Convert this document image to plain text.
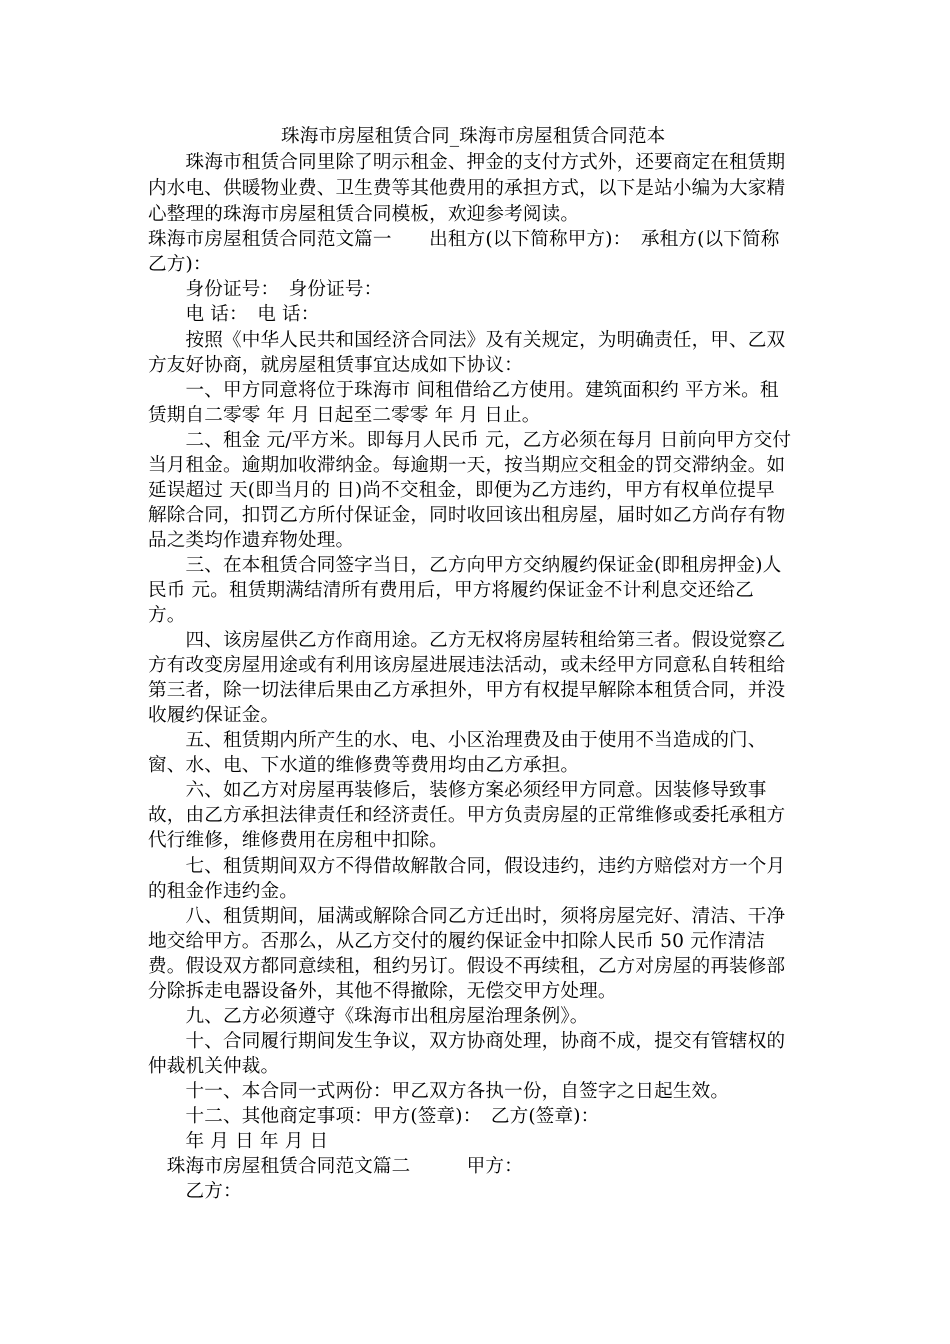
珠海市房屋租赁合同_珠海市房屋租赁合同范本
　　珠海市租赁合同里除了明示租金、押金的支付方式外，还要商定在租赁期
内水电、供暖物业费、卫生费等其他费用的承担方式，以下是站小编为大家精
心整理的珠海市房屋租赁合同模板，欢迎参考阅读。
珠海市房屋租赁合同范文篇一　　出租方(以下简称甲方)：　承租方(以下简称
乙方)：
　　身份证号：　身份证号：
　　电 话：　电 话：
　　按照《中华人民共和国经济合同法》及有关规定，为明确责任，甲、乙双
方友好协商，就房屋租赁事宜达成如下协议：
　　一、甲方同意将位于珠海市 间租借给乙方使用。建筑面积约 平方米。租
赁期自二零零 年 月 日起至二零零 年 月 日止。
　　二、租金 元/平方米。即每月人民币 元，乙方必须在每月 日前向甲方交付
当月租金。逾期加收滞纳金。每逾期一天，按当期应交租金的罚交滞纳金。如
延误超过 天(即当月的 日)尚不交租金，即便为乙方违约，甲方有权单位提早
解除合同，扣罚乙方所付保证金，同时收回该出租房屋，届时如乙方尚存有物
品之类均作遗弃物处理。
　　三、在本租赁合同签字当日，乙方向甲方交纳履约保证金(即租房押金)人
民币 元。租赁期满结清所有费用后，甲方将履约保证金不计利息交还给乙
方。
　　四、该房屋供乙方作商用途。乙方无权将房屋转租给第三者。假设觉察乙
方有改变房屋用途或有利用该房屋进展违法活动，或未经甲方同意私自转租给
第三者，除一切法律后果由乙方承担外，甲方有权提早解除本租赁合同，并没
收履约保证金。
　　五、租赁期内所产生的水、电、小区治理费及由于使用不当造成的门、
窗、水、电、下水道的维修费等费用均由乙方承担。
　　六、如乙方对房屋再装修后，装修方案必须经甲方同意。因装修导致事
故，由乙方承担法律责任和经济责任。甲方负责房屋的正常维修或委托承租方
代行维修，维修费用在房租中扣除。
　　七、租赁期间双方不得借故解散合同，假设违约，违约方赔偿对方一个月
的租金作违约金。
　　八、租赁期间，届满或解除合同乙方迁出时，须将房屋完好、清洁、干净
地交给甲方。否那么，从乙方交付的履约保证金中扣除人民币 50 元作清洁
费。假设双方都同意续租，租约另订。假设不再续租，乙方对房屋的再装修部
分除拆走电器设备外，其他不得撤除，无偿交甲方处理。
　　九、乙方必须遵守《珠海市出租房屋治理条例》。
　　十、合同履行期间发生争议，双方协商处理，协商不成，提交有管辖权的
仲裁机关仲裁。
　　十一、本合同一式两份：甲乙双方各执一份，自签字之日起生效。
　　十二、其他商定事项：甲方(签章)：　乙方(签章)：
　　年 月 日 年 月 日
　珠海市房屋租赁合同范文篇二　　　甲方：
　　乙方：
